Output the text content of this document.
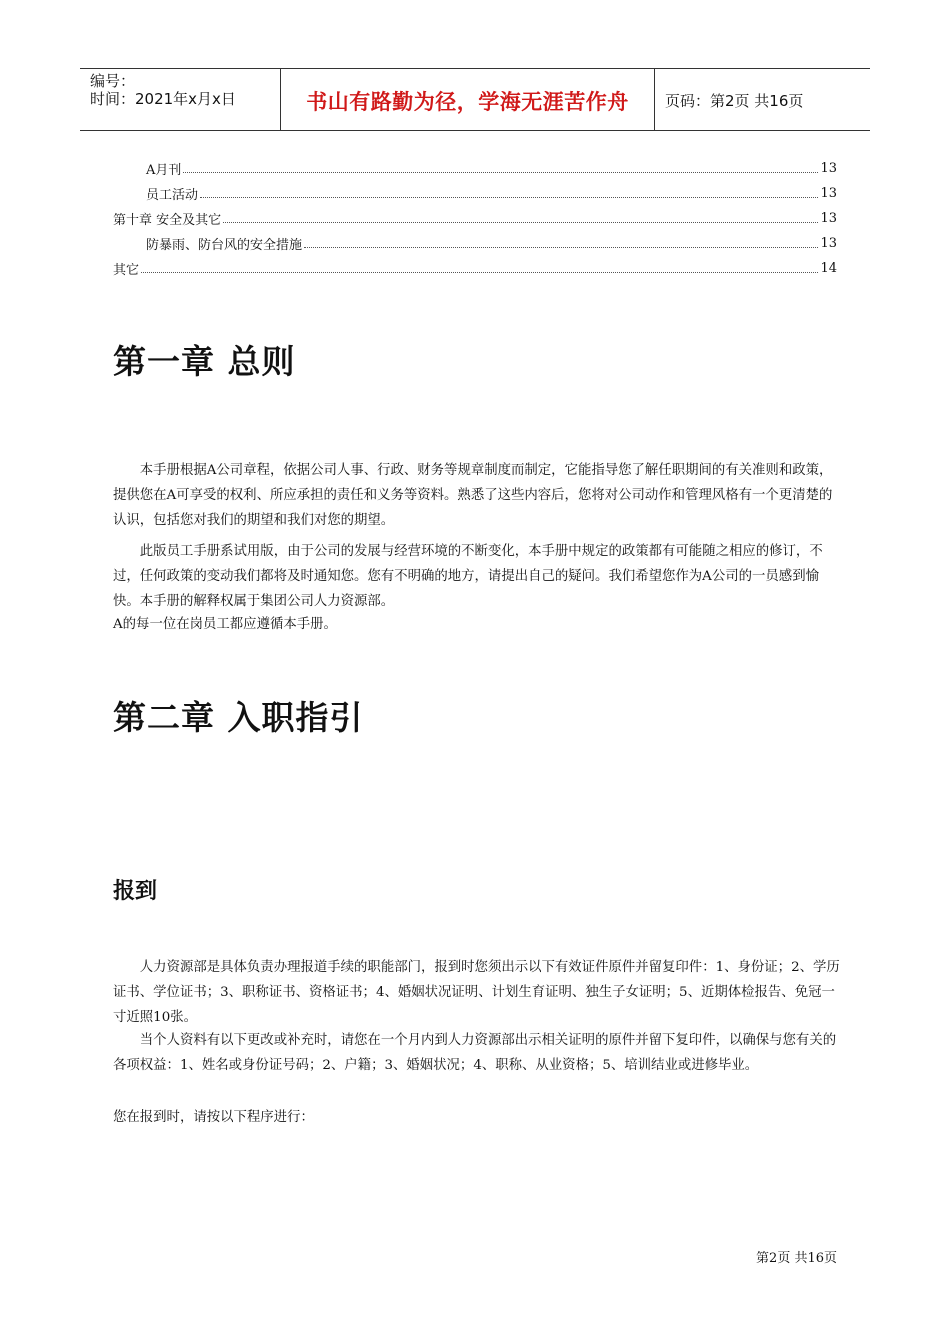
编号：
时间：2021年x月x日	书山有路勤为径，学海无涯苦作舟	页码：第2页 共16页
A月刊	13
员工活动	13
第十章 安全及其它	13
防暴雨、防台风的安全措施	13
其它	14
第一章 总则

本手册根据A公司章程，依据公司人事、行政、财务等规章制度而制定，它能指导您了解任职期间的有关准则和政策，提供您在A可享受的权利、所应承担的责任和义务等资料。熟悉了这些内容后，您将对公司动作和管理风格有一个更清楚的认识，包括您对我们的期望和我们对您的期望。

此版员工手册系试用版，由于公司的发展与经营环境的不断变化，本手册中规定的政策都有可能随之相应的修订，不过，任何政策的变动我们都将及时通知您。您有不明确的地方，请提出自己的疑问。我们希望您作为A公司的一员感到愉快。本手册的解释权属于集团公司人力资源部。

A的每一位在岗员工都应遵循本手册。

第二章 入职指引
报到

人力资源部是具体负责办理报道手续的职能部门，报到时您须出示以下有效证件原件并留复印件：1、身份证；2、学历证书、学位证书；3、职称证书、资格证书；4、婚姻状况证明、计划生育证明、独生子女证明；5、近期体检报告、免冠一寸近照10张。

当个人资料有以下更改或补充时，请您在一个月内到人力资源部出示相关证明的原件并留下复印件，以确保与您有关的各项权益：1、姓名或身份证号码；2、户籍；3、婚姻状况；4、职称、从业资格；5、培训结业或进修毕业。

您在报到时，请按以下程序进行：

第2页 共16页
